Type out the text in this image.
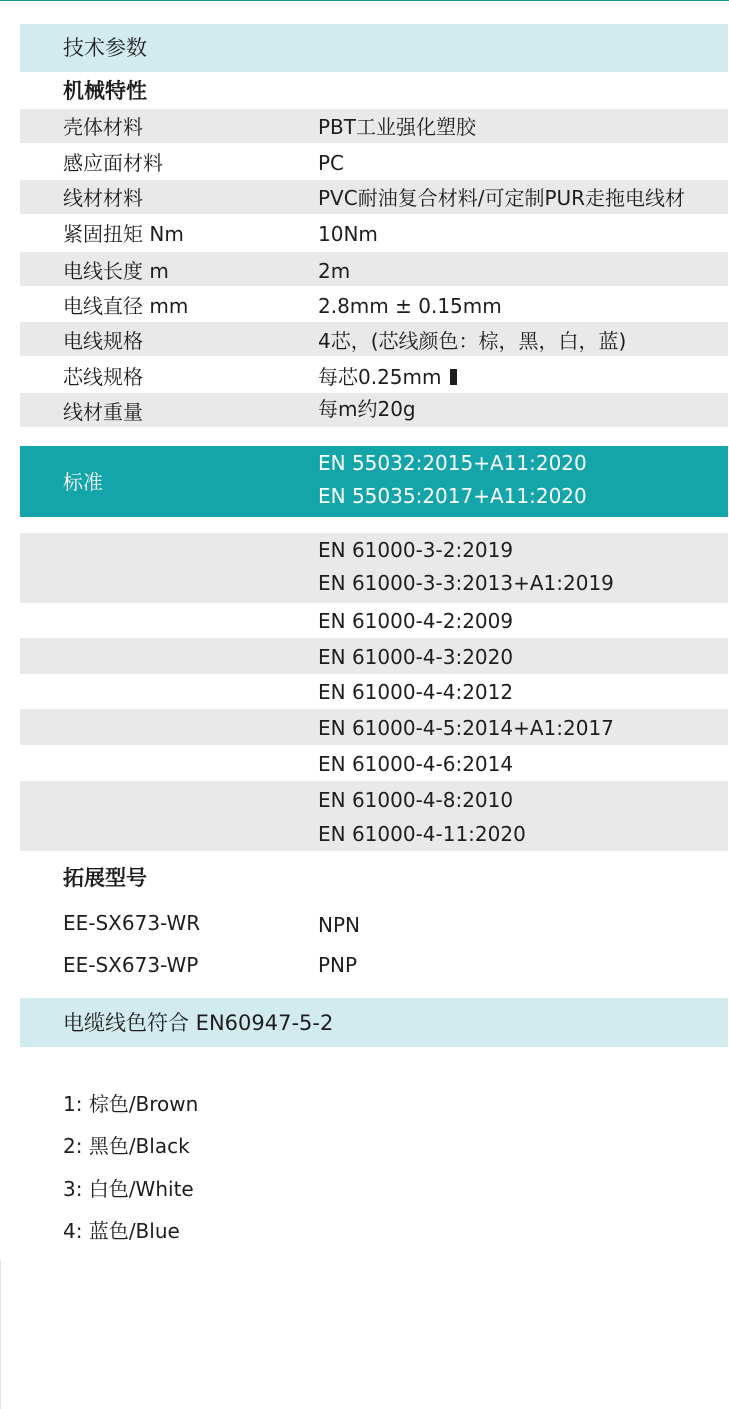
技术参数
机械特性
壳体材料	PBT工业强化塑胶
感应面材料	PC
线材材料	PVC耐油复合材料/可定制PUR走拖电线材
紧固扭矩 Nm	10Nm
电线长度 m	2m
电线直径 mm	2.8mm ± 0.15mm
电线规格	4芯，(芯线颜色：棕，黑，白，蓝)
芯线规格	每芯0.25mm
线材重量	每m约20g
标准
EN 55032:2015+A11:2020
EN 55035:2017+A11:2020
EN 61000-3-2:2019
EN 61000-3-3:2013+A1:2019
EN 61000-4-2:2009
EN 61000-4-3:2020
EN 61000-4-4:2012
EN 61000-4-5:2014+A1:2017
EN 61000-4-6:2014
EN 61000-4-8:2010
EN 61000-4-11:2020
拓展型号
EE-SX673-WR	NPN
EE-SX673-WP	PNP
电缆线色符合 EN60947-5-2
1: 棕色/Brown
2: 黑色/Black
3: 白色/White
4: 蓝色/Blue
